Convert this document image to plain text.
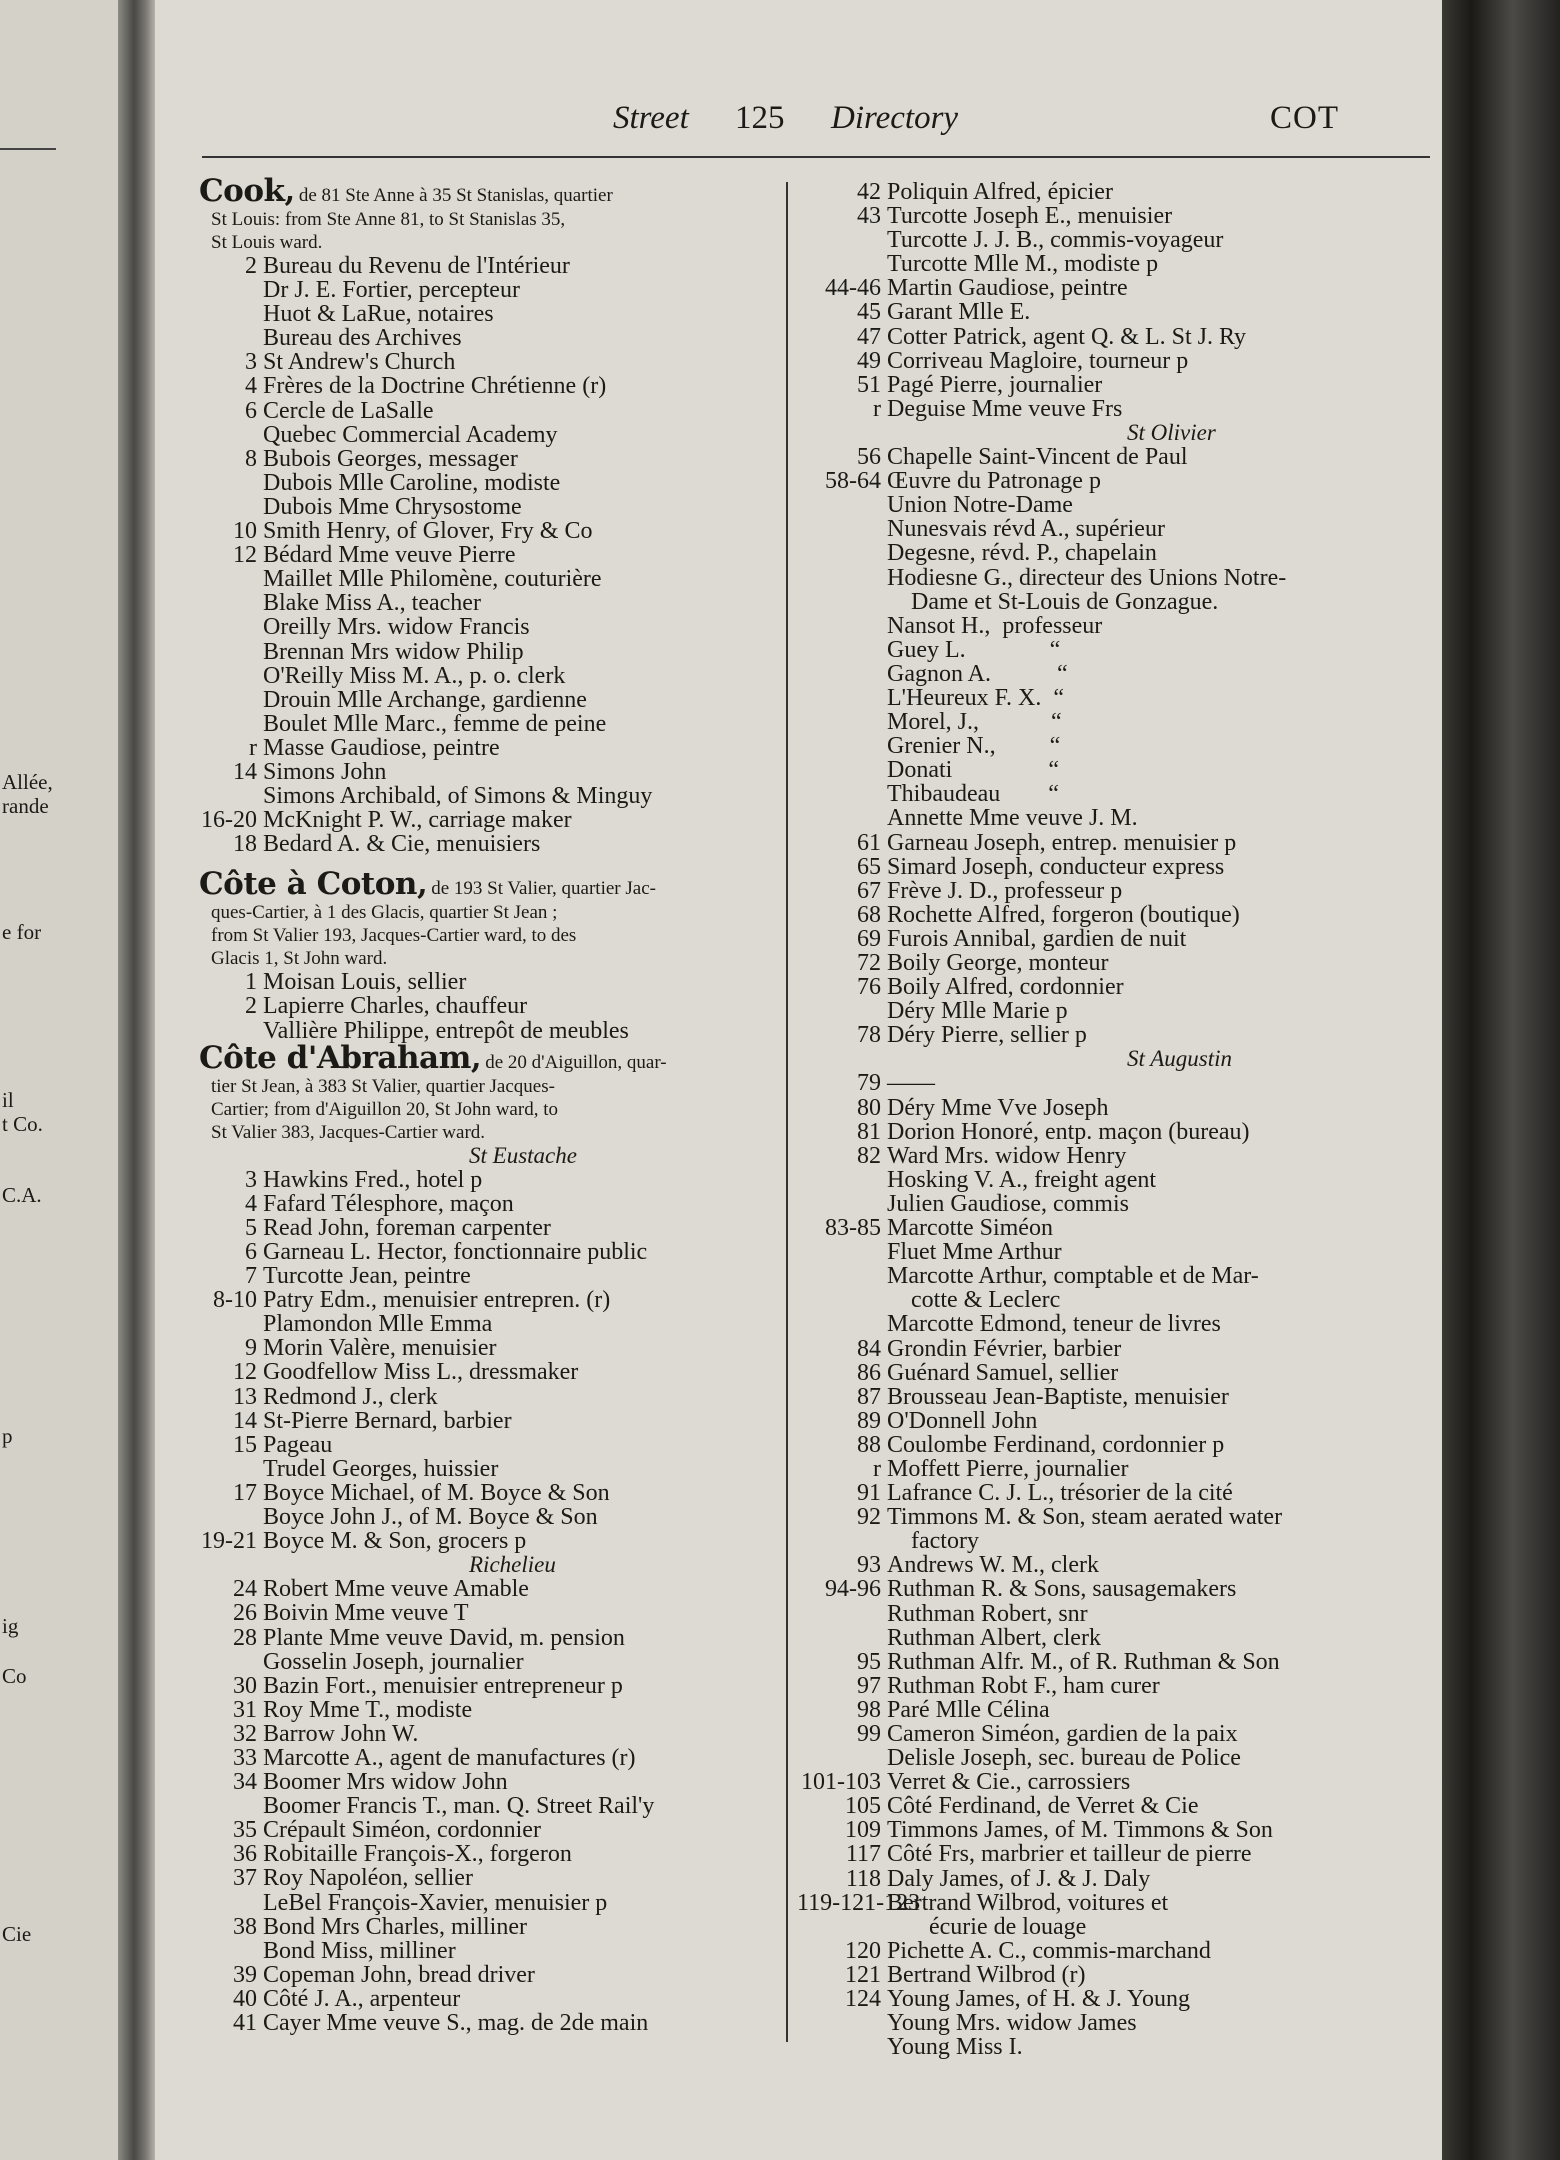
Allée,
rande
e for
il
t Co.
C.A.
p
ig
Co
Cie
Street 125 Directory	COT
Cook, de 81 Ste Anne à 35 St Stanislas, quartier
St Louis: from Ste Anne 81, to St Stanislas 35,
St Louis ward.
2 Bureau du Revenu de l'Intérieur
Dr J. E. Fortier, percepteur
Huot & LaRue, notaires
Bureau des Archives
3 St Andrew's Church
4 Frères de la Doctrine Chrétienne (r)
6 Cercle de LaSalle
Quebec Commercial Academy
8 Bubois Georges, messager
Dubois Mlle Caroline, modiste
Dubois Mme Chrysostome
10 Smith Henry, of Glover, Fry & Co
12 Bédard Mme veuve Pierre
Maillet Mlle Philomène, couturière
Blake Miss A., teacher
Oreilly Mrs. widow Francis
Brennan Mrs widow Philip
O'Reilly Miss M. A., p. o. clerk
Drouin Mlle Archange, gardienne
Boulet Mlle Marc., femme de peine
r Masse Gaudiose, peintre
14 Simons John
Simons Archibald, of Simons & Minguy
16-20 McKnight P. W., carriage maker
18 Bedard A. & Cie, menuisiers
Côte à Coton, de 193 St Valier, quartier Jac-
ques-Cartier, à 1 des Glacis, quartier St Jean ;
from St Valier 193, Jacques-Cartier ward, to des
Glacis 1, St John ward.
1 Moisan Louis, sellier
2 Lapierre Charles, chauffeur
Vallière Philippe, entrepôt de meubles
Côte d'Abraham, de 20 d'Aiguillon, quar-
tier St Jean, à 383 St Valier, quartier Jacques-
Cartier; from d'Aiguillon 20, St John ward, to
St Valier 383, Jacques-Cartier ward.
St Eustache
3 Hawkins Fred., hotel p
4 Fafard Télesphore, maçon
5 Read John, foreman carpenter
6 Garneau L. Hector, fonctionnaire public
7 Turcotte Jean, peintre
8-10 Patry Edm., menuisier entrepren. (r)
Plamondon Mlle Emma
9 Morin Valère, menuisier
12 Goodfellow Miss L., dressmaker
13 Redmond J., clerk
14 St-Pierre Bernard, barbier
15 Pageau
Trudel Georges, huissier
17 Boyce Michael, of M. Boyce & Son
Boyce John J., of M. Boyce & Son
19-21 Boyce M. & Son, grocers p
Richelieu
24 Robert Mme veuve Amable
26 Boivin Mme veuve T
28 Plante Mme veuve David, m. pension
Gosselin Joseph, journalier
30 Bazin Fort., menuisier entrepreneur p
31 Roy Mme T., modiste
32 Barrow John W.
33 Marcotte A., agent de manufactures (r)
34 Boomer Mrs widow John
Boomer Francis T., man. Q. Street Rail'y
35 Crépault Siméon, cordonnier
36 Robitaille François-X., forgeron
37 Roy Napoléon, sellier
LeBel François-Xavier, menuisier p
38 Bond Mrs Charles, milliner
Bond Miss, milliner
39 Copeman John, bread driver
40 Côté J. A., arpenteur
41 Cayer Mme veuve S., mag. de 2de main
42 Poliquin Alfred, épicier
43 Turcotte Joseph E., menuisier
Turcotte J. J. B., commis-voyageur
Turcotte Mlle M., modiste p
44-46 Martin Gaudiose, peintre
45 Garant Mlle E.
47 Cotter Patrick, agent Q. & L. St J. Ry
49 Corriveau Magloire, tourneur p
51 Pagé Pierre, journalier
r Deguise Mme veuve Frs
St Olivier
56 Chapelle Saint-Vincent de Paul
58-64 Œuvre du Patronage p
Union Notre-Dame
Nunesvais révd A., supérieur
Degesne, révd. P., chapelain
Hodiesne G., directeur des Unions Notre-
Dame et St-Louis de Gonzague.
Nansot H.,  professeur
Guey L.              “
Gagnon A.           “
L'Heureux F. X.  “
Morel, J.,            “
Grenier N.,         “
Donati                “
Thibaudeau        “
Annette Mme veuve J. M.
61 Garneau Joseph, entrep. menuisier p
65 Simard Joseph, conducteur express
67 Frève J. D., professeur p
68 Rochette Alfred, forgeron (boutique)
69 Furois Annibal, gardien de nuit
72 Boily George, monteur
76 Boily Alfred, cordonnier
Déry Mlle Marie p
78 Déry Pierre, sellier p
St Augustin
79 ——
80 Déry Mme Vve Joseph
81 Dorion Honoré, entp. maçon (bureau)
82 Ward Mrs. widow Henry
Hosking V. A., freight agent
Julien Gaudiose, commis
83-85 Marcotte Siméon
Fluet Mme Arthur
Marcotte Arthur, comptable et de Mar-
cotte & Leclerc
Marcotte Edmond, teneur de livres
84 Grondin Février, barbier
86 Guénard Samuel, sellier
87 Brousseau Jean-Baptiste, menuisier
89 O'Donnell John
88 Coulombe Ferdinand, cordonnier p
r Moffett Pierre, journalier
91 Lafrance C. J. L., trésorier de la cité
92 Timmons M. & Son, steam aerated water
factory
93 Andrews W. M., clerk
94-96 Ruthman R. & Sons, sausagemakers
Ruthman Robert, snr
Ruthman Albert, clerk
95 Ruthman Alfr. M., of R. Ruthman & Son
97 Ruthman Robt F., ham curer
98 Paré Mlle Célina
99 Cameron Siméon, gardien de la paix
Delisle Joseph, sec. bureau de Police
101-103 Verret & Cie., carrossiers
105 Côté Ferdinand, de Verret & Cie
109 Timmons James, of M. Timmons & Son
117 Côté Frs, marbrier et tailleur de pierre
118 Daly James, of J. & J. Daly
119-121-123
Bertrand Wilbrod, voitures et
écurie de louage
120 Pichette A. C., commis-marchand
121 Bertrand Wilbrod (r)
124 Young James, of H. & J. Young
Young Mrs. widow James
Young Miss I.
